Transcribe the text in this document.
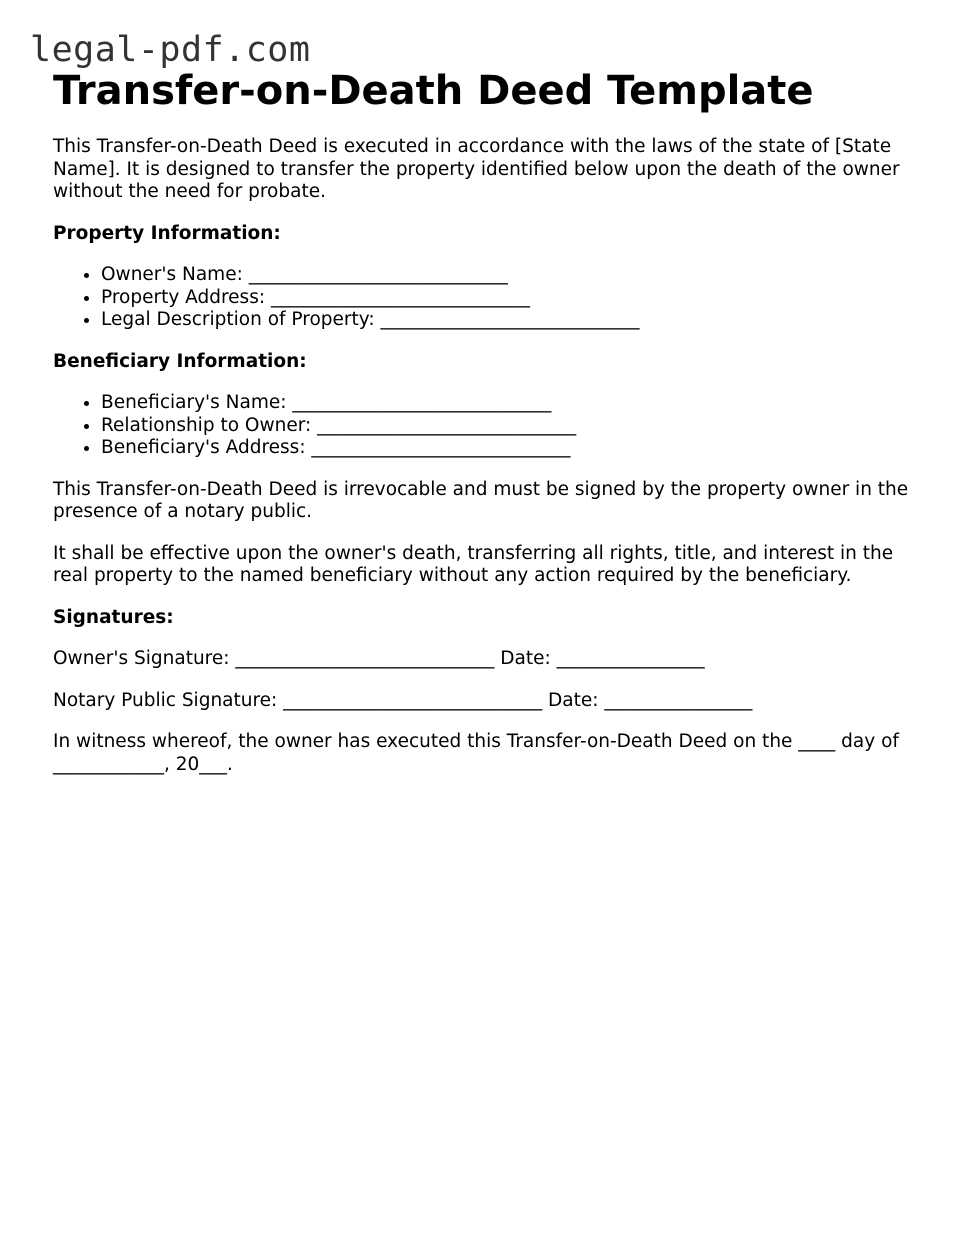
legal-pdf.com
Transfer-on-Death Deed Template

This Transfer-on-Death Deed is executed in accordance with the laws of the state of [State Name]. It is designed to transfer the property identified below upon the death of the owner without the need for probate.

Property Information:

• Owner's Name: ____________________________
• Property Address: ____________________________
• Legal Description of Property: ____________________________

Beneficiary Information:

• Beneficiary's Name: ____________________________
• Relationship to Owner: ____________________________
• Beneficiary's Address: ____________________________

This Transfer-on-Death Deed is irrevocable and must be signed by the property owner in the presence of a notary public.

It shall be effective upon the owner's death, transferring all rights, title, and interest in the real property to the named beneficiary without any action required by the beneficiary.

Signatures:

Owner's Signature: ____________________________ Date: ________________

Notary Public Signature: ____________________________ Date: ________________

In witness whereof, the owner has executed this Transfer-on-Death Deed on the ____ day of ____________, 20___.
